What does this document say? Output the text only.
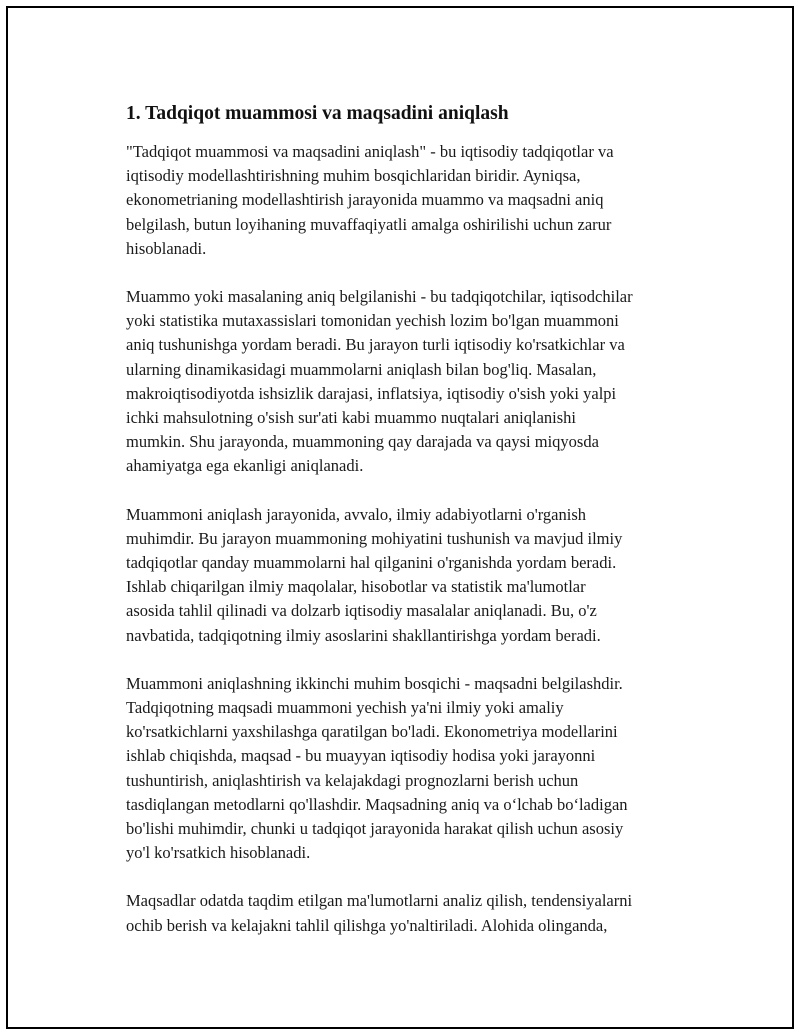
1. Tadqiqot muammosi va maqsadini aniqlash

"Tadqiqot muammosi va maqsadini aniqlash" - bu iqtisodiy tadqiqotlar va
iqtisodiy modellashtirishning muhim bosqichlaridan biridir. Ayniqsa,
ekonometrianing modellashtirish jarayonida muammo va maqsadni aniq
belgilash, butun loyihaning muvaffaqiyatli amalga oshirilishi uchun zarur
hisoblanadi.

Muammo yoki masalaning aniq belgilanishi - bu tadqiqotchilar, iqtisodchilar
yoki statistika mutaxassislari tomonidan yechish lozim bo'lgan muammoni
aniq tushunishga yordam beradi. Bu jarayon turli iqtisodiy ko'rsatkichlar va
ularning dinamikasidagi muammolarni aniqlash bilan bog'liq. Masalan,
makroiqtisodiyotda ishsizlik darajasi, inflatsiya, iqtisodiy o'sish yoki yalpi
ichki mahsulotning o'sish sur'ati kabi muammo nuqtalari aniqlanishi
mumkin. Shu jarayonda, muammoning qay darajada va qaysi miqyosda
ahamiyatga ega ekanligi aniqlanadi.

Muammoni aniqlash jarayonida, avvalo, ilmiy adabiyotlarni o'rganish
muhimdir. Bu jarayon muammoning mohiyatini tushunish va mavjud ilmiy
tadqiqotlar qanday muammolarni hal qilganini o'rganishda yordam beradi.
Ishlab chiqarilgan ilmiy maqolalar, hisobotlar va statistik ma'lumotlar
asosida tahlil qilinadi va dolzarb iqtisodiy masalalar aniqlanadi. Bu, o'z
navbatida, tadqiqotning ilmiy asoslarini shakllantirishga yordam beradi.

Muammoni aniqlashning ikkinchi muhim bosqichi - maqsadni belgilashdir.
Tadqiqotning maqsadi muammoni yechish ya'ni ilmiy yoki amaliy
ko'rsatkichlarni yaxshilashga qaratilgan bo'ladi. Ekonometriya modellarini
ishlab chiqishda, maqsad - bu muayyan iqtisodiy hodisa yoki jarayonni
tushuntirish, aniqlashtirish va kelajakdagi prognozlarni berish uchun
tasdiqlangan metodlarni qo'llashdir. Maqsadning aniq va o‘lchab bo‘ladigan
bo'lishi muhimdir, chunki u tadqiqot jarayonida harakat qilish uchun asosiy
yo'l ko'rsatkich hisoblanadi.

Maqsadlar odatda taqdim etilgan ma'lumotlarni analiz qilish, tendensiyalarni
ochib berish va kelajakni tahlil qilishga yo'naltiriladi. Alohida olinganda,
